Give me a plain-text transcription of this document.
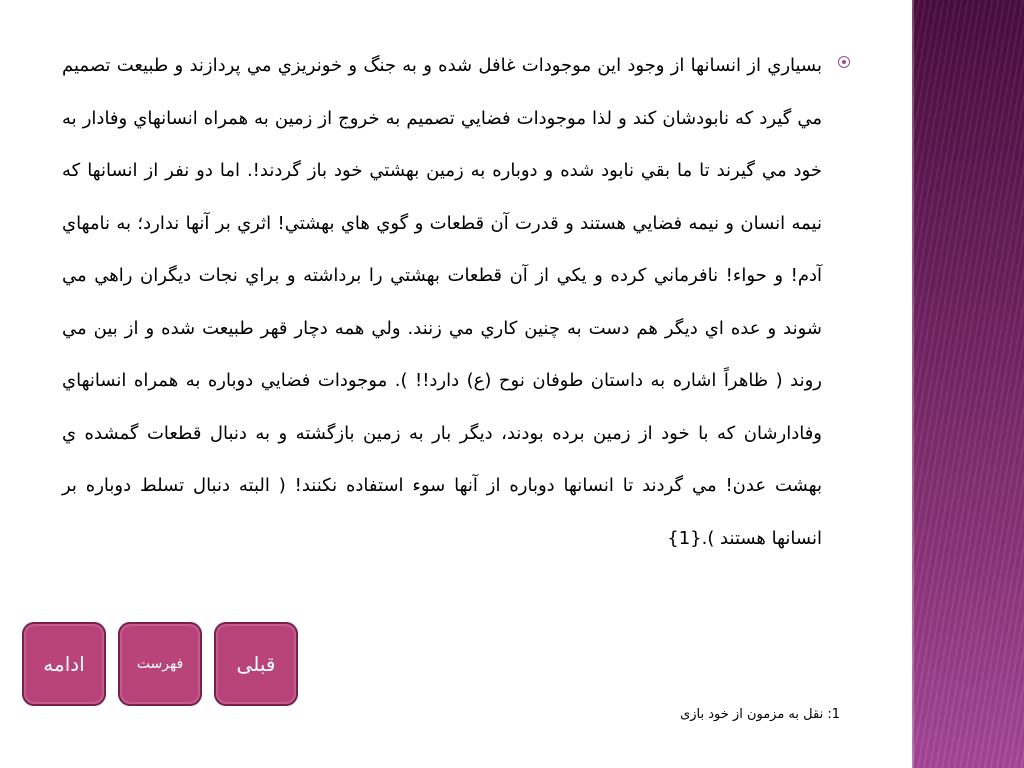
بسياري از انسانها از وجود اين موجودات غافل شده و به جنگ و خونريزي مي پردازند و طبيعت تصميم مي گيرد كه نابودشان كند و لذا موجودات فضايي تصميم به خروج از زمين به همراه انسانهاي وفادار به خود مي گيرند تا ما بقي نابود شده و دوباره به زمين بهشتي خود باز گردند!. اما دو نفر از انسانها كه نيمه انسان و نيمه فضايي هستند و قدرت آن قطعات و گوي هاي بهشتي! اثري بر آنها ندارد؛ به نامهاي آدم! و حواء! نافرماني كرده و يكي از آن قطعات بهشتي را برداشته و براي نجات ديگران راهي مي شوند و عده اي ديگر هم دست به چنين كاري مي زنند. ولي همه دچار قهر طبيعت شده و از بين مي روند ( ظاهراً اشاره به داستان طوفان نوح (ع) دارد!! ). موجودات فضايي دوباره به همراه انسانهاي وفادارشان كه با خود از زمين برده بودند، ديگر بار به زمين بازگشته و به دنبال قطعات گمشده ي بهشت عدن! مي گردند تا انسانها دوباره از آنها سوء استفاده نكنند! ( البته دنبال تسلط دوباره بر انسانها هستند ).{1}
ادامه	فهرست	قبلی
1: نقل به مزمون از خود بازی
